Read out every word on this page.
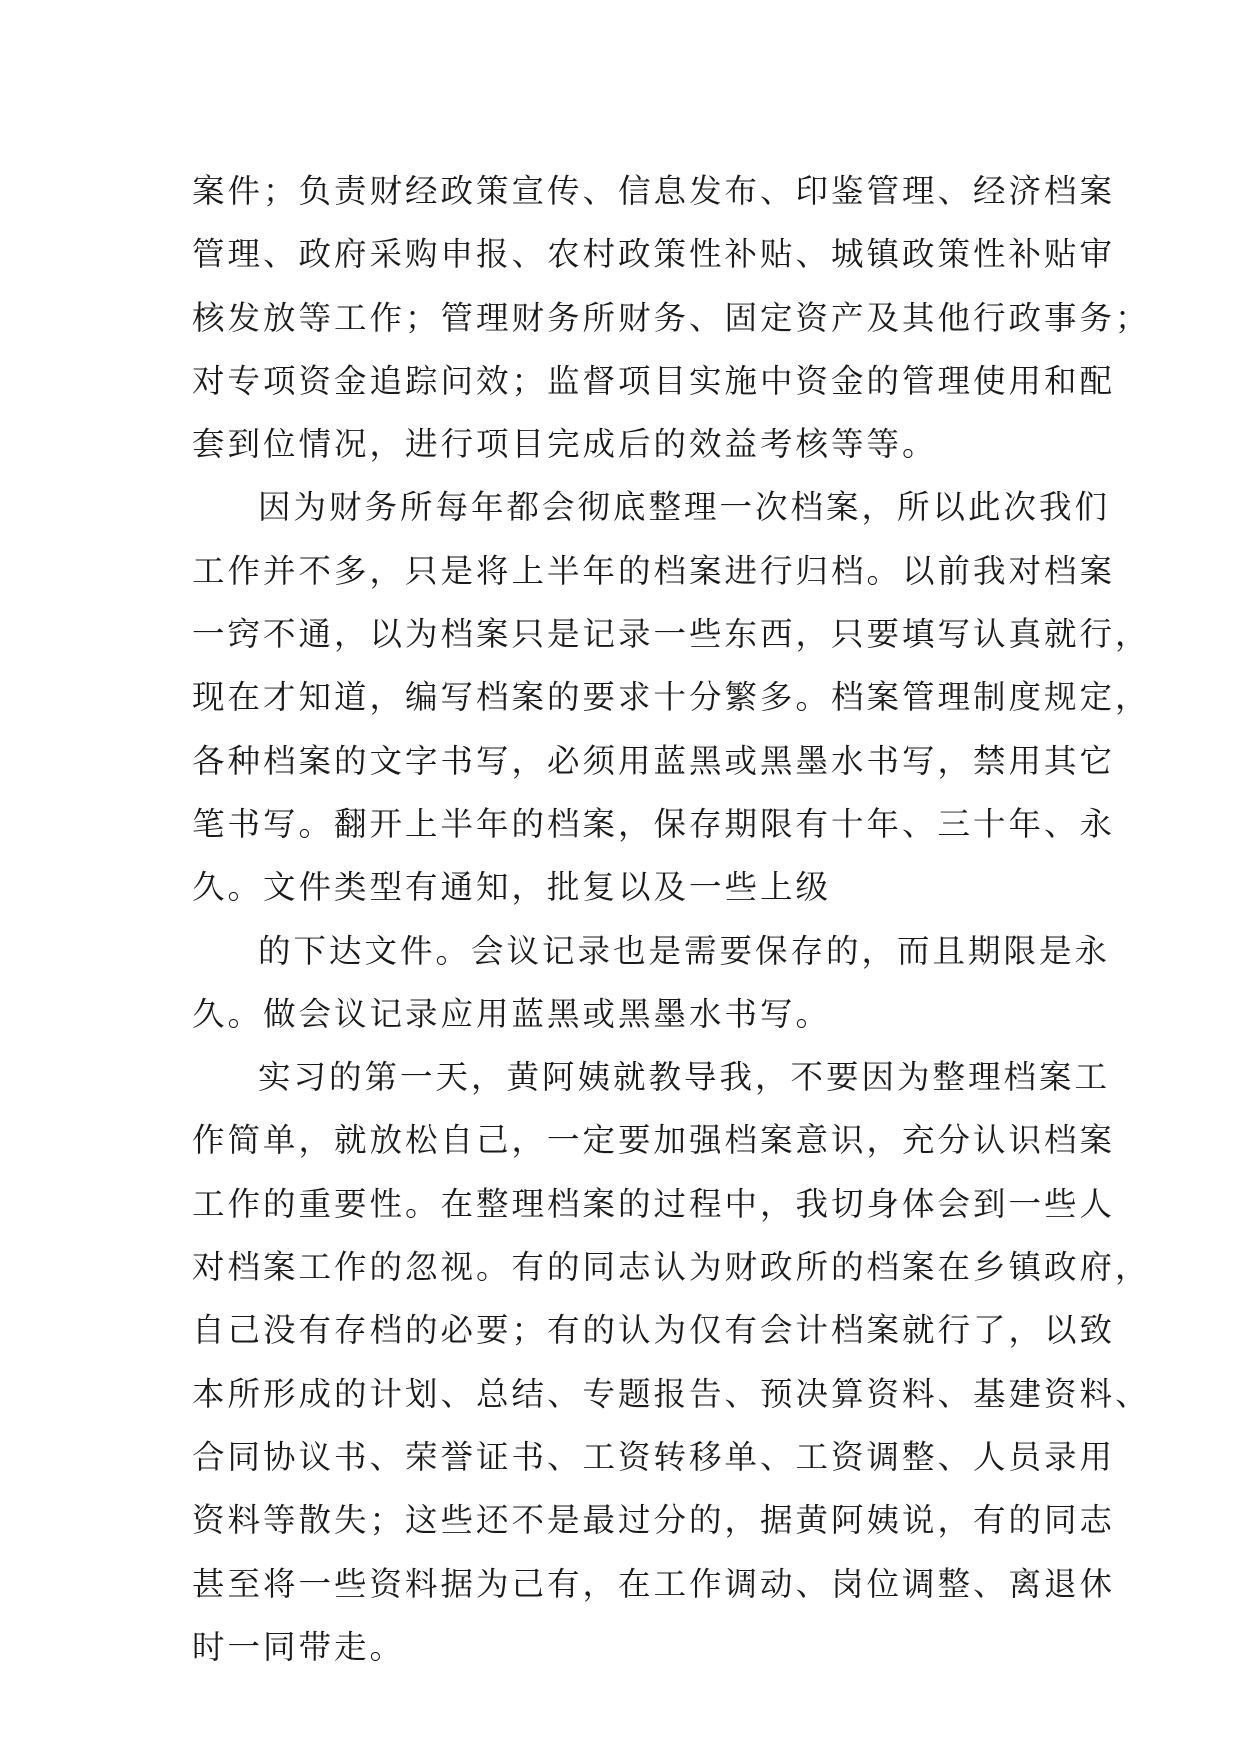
案件；负责财经政策宣传、信息发布、印鉴管理、经济档案
管理、政府采购申报、农村政策性补贴、城镇政策性补贴审
核发放等工作；管理财务所财务、固定资产及其他行政事务；
对专项资金追踪问效；监督项目实施中资金的管理使用和配
套到位情况，进行项目完成后的效益考核等等。
因为财务所每年都会彻底整理一次档案，所以此次我们
工作并不多，只是将上半年的档案进行归档。以前我对档案
一窍不通，以为档案只是记录一些东西，只要填写认真就行，
现在才知道，编写档案的要求十分繁多。档案管理制度规定，
各种档案的文字书写，必须用蓝黑或黑墨水书写，禁用其它
笔书写。翻开上半年的档案，保存期限有十年、三十年、永
久。文件类型有通知，批复以及一些上级
的下达文件。会议记录也是需要保存的，而且期限是永
久。做会议记录应用蓝黑或黑墨水书写。
实习的第一天，黄阿姨就教导我，不要因为整理档案工
作简单，就放松自己，一定要加强档案意识，充分认识档案
工作的重要性。在整理档案的过程中，我切身体会到一些人
对档案工作的忽视。有的同志认为财政所的档案在乡镇政府，
自己没有存档的必要；有的认为仅有会计档案就行了，以致
本所形成的计划、总结、专题报告、预决算资料、基建资料、
合同协议书、荣誉证书、工资转移单、工资调整、人员录用
资料等散失；这些还不是最过分的，据黄阿姨说，有的同志
甚至将一些资料据为己有，在工作调动、岗位调整、离退休
时一同带走。
